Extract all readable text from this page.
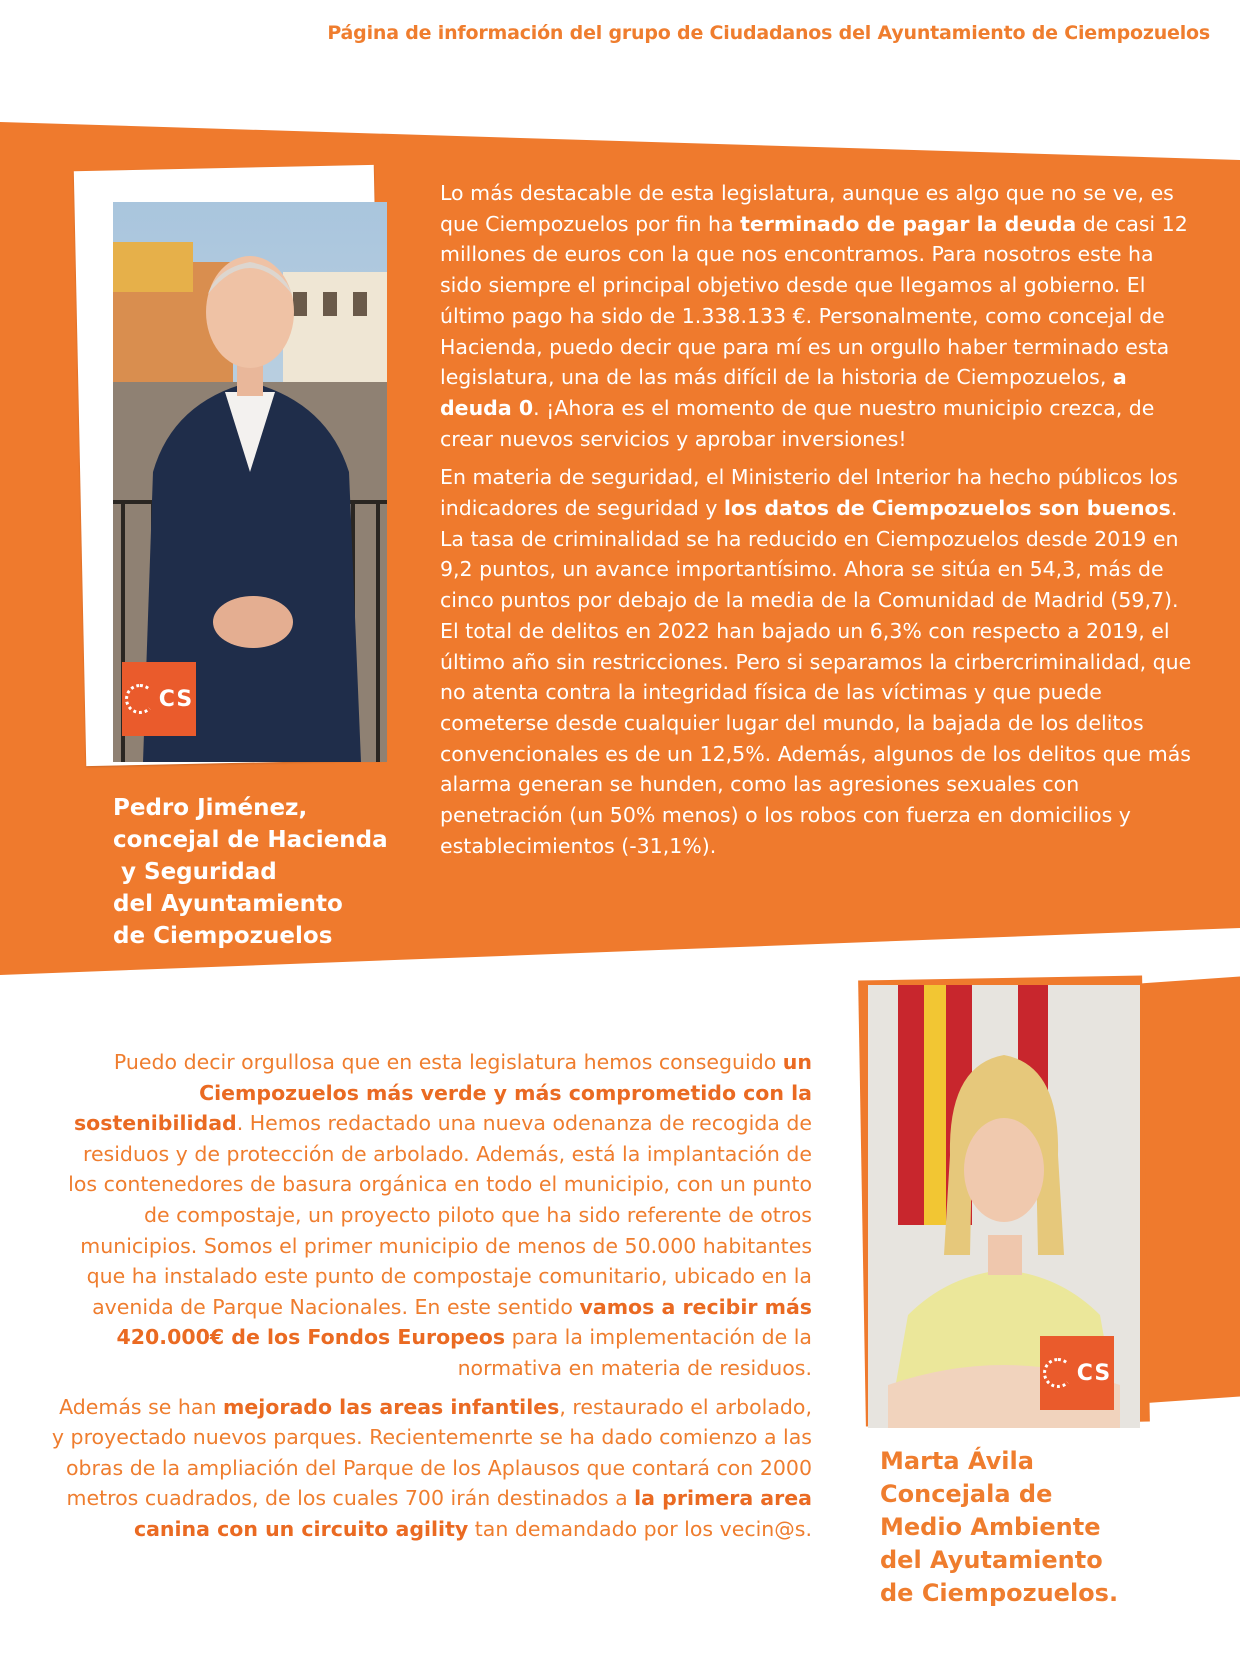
Página de información del grupo de Ciudadanos del Ayuntamiento de Ciempozuelos
CS

Lo más destacable de esta legislatura, aunque es algo que no se ve, es que Ciempozuelos por fin ha terminado de pagar la deuda de casi 12 millones de euros con la que nos encontramos. Para nosotros este ha sido siempre el principal objetivo desde que llegamos al gobierno. El último pago ha sido de 1.338.133 €. Personalmente, como concejal de Hacienda, puedo decir que para mí es un orgullo haber terminado esta legislatura, una de las más difícil de la historia de Ciempozuelos, a deuda 0. ¡Ahora es el momento de que nuestro municipio crezca, de crear nuevos servicios y aprobar inversiones!

En materia de seguridad, el Ministerio del Interior ha hecho públicos los indicadores de seguridad y los datos de Ciempozuelos son buenos. La tasa de criminalidad se ha reducido en Ciempozuelos desde 2019 en 9,2 puntos, un avance importantísimo. Ahora se sitúa en 54,3, más de cinco puntos por debajo de la media de la Comunidad de Madrid (59,7). El total de delitos en 2022 han bajado un 6,3% con respecto a 2019, el último año sin restricciones. Pero si separamos la cirbercriminalidad, que no atenta contra la integridad física de las víctimas y que puede cometerse desde cualquier lugar del mundo, la bajada de los delitos convencionales es de un 12,5%. Además, algunos de los delitos que más alarma generan se hunden, como las agresiones sexuales con penetración (un 50% menos) o los robos con fuerza en domicilios y establecimientos (-31,1%).

Pedro Jiménez,
concejal de Hacienda
y Seguridad
del Ayuntamiento
de Ciempozuelos
CS

Puedo decir orgullosa que en esta legislatura hemos conseguido un Ciempozuelos más verde y más comprometido con la sostenibilidad. Hemos redactado una nueva odenanza de recogida de residuos y de protección de arbolado. Además, está la implantación de los contenedores de basura orgánica en todo el municipio, con un punto de compostaje, un proyecto piloto que ha sido referente de otros municipios. Somos el primer municipio de menos de 50.000 habitantes que ha instalado este punto de compostaje comunitario, ubicado en la avenida de Parque Nacionales. En este sentido vamos a recibir más 420.000€ de los Fondos Europeos para la implementación de la normativa en materia de residuos.

Además se han mejorado las areas infantiles, restaurado el arbolado, y proyectado nuevos parques. Recientemenrte se ha dado comienzo a las obras de la ampliación del Parque de los Aplausos que contará con 2000 metros cuadrados, de los cuales 700 irán destinados a la primera area canina con un circuito agility tan demandado por los vecin@s.

Marta Ávila
Concejala de
Medio Ambiente
del Ayutamiento
de Ciempozuelos.
